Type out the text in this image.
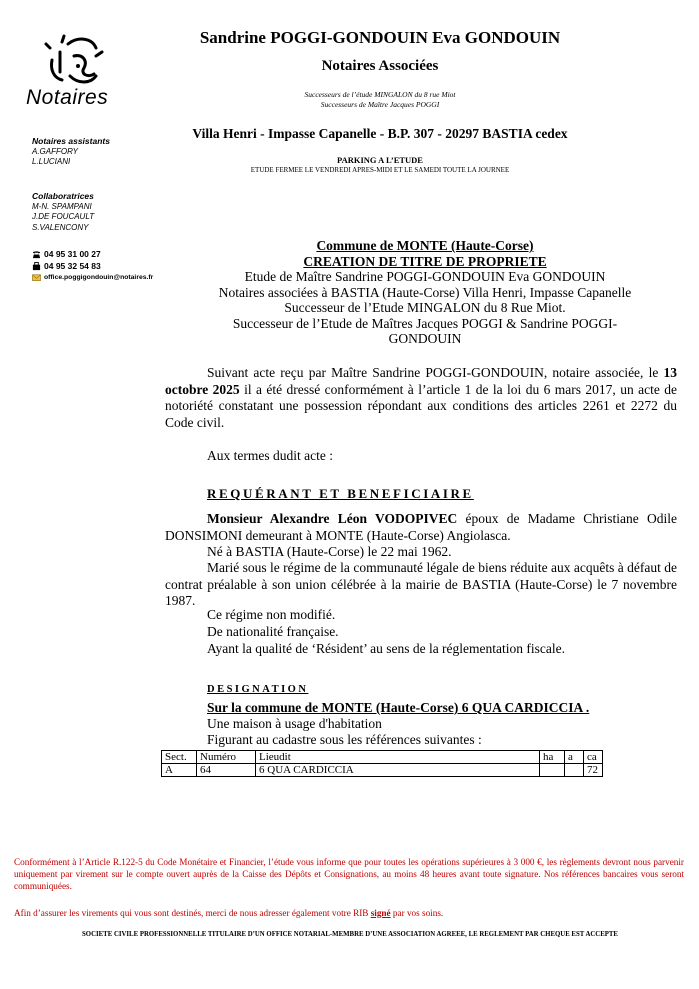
Notaires
Sandrine POGGI-GONDOUIN Eva GONDOUIN
Notaires Associées
Successeurs de l’étude MINGALON du 8 rue Miot
Successeurs de Maître Jacques POGGI
Villa Henri - Impasse Capanelle - B.P. 307 - 20297 BASTIA cedex
PARKING A L’ETUDE
ETUDE FERMEE LE VENDREDI APRES-MIDI ET LE SAMEDI TOUTE LA JOURNEE
Notaires assistants
A.GAFFORY
L.LUCIANI
Collaboratrices
M-N. SPAMPANI
J.DE FOUCAULT
S.VALENCONY
04 95 31 00 27
04 95 32 54 83
office.poggigondouin@notaires.fr
Commune de MONTE (Haute-Corse)
CREATION DE TITRE DE PROPRIETE
Etude de Maître Sandrine POGGI-GONDOUIN Eva GONDOUIN
Notaires associées à BASTIA (Haute-Corse) Villa Henri, Impasse Capanelle
Successeur de l’Etude MINGALON du 8 Rue Miot.
Successeur de l’Etude de Maîtres Jacques POGGI & Sandrine POGGI-
GONDOUIN
Suivant acte reçu par Maître Sandrine POGGI-GONDOUIN, notaire associée, le 13 octobre 2025 il a été dressé conformément à l’article 1 de la loi du 6 mars 2017, un acte de notoriété constatant une possession répondant aux conditions des articles 2261 et 2272 du Code civil.
Aux termes dudit acte :
REQUÉRANT ET BENEFICIAIRE
Monsieur Alexandre Léon VODOPIVEC époux de Madame Christiane Odile DONSIMONI demeurant à MONTE (Haute-Corse) Angiolasca.
Né à BASTIA (Haute-Corse) le 22 mai 1962.
Marié sous le régime de la communauté légale de biens réduite aux acquêts à défaut de contrat préalable à son union célébrée à la mairie de BASTIA (Haute-Corse) le 7 novembre 1987.
Ce régime non modifié.
De nationalité française.
Ayant la qualité de ‘Résident’ au sens de la réglementation fiscale.
DESIGNATION
Sur la commune de MONTE (Haute-Corse) 6 QUA CARDICCIA .
Une maison à usage d'habitation
Figurant au cadastre sous les références suivantes :
Sect.	Numéro	Lieudit	ha	a	ca
A	64	6 QUA CARDICCIA			72
Conformément à l’Article R.122-5 du Code Monétaire et Financier, l’étude vous informe que pour toutes les opérations supérieures à 3 000 €, les règlements devront nous parvenir uniquement par virement sur le compte ouvert auprès de la Caisse des Dépôts et Consignations, au moins 48 heures avant toute signature. Nos références bancaires vous seront communiquées.
Afin d’assurer les virements qui vous sont destinés, merci de nous adresser également votre RIB signé par vos soins.
SOCIETE CIVILE PROFESSIONNELLE TITULAIRE D’UN OFFICE NOTARIAL-MEMBRE D’UNE ASSOCIATION AGREEE, LE REGLEMENT PAR CHEQUE EST ACCEPTE
